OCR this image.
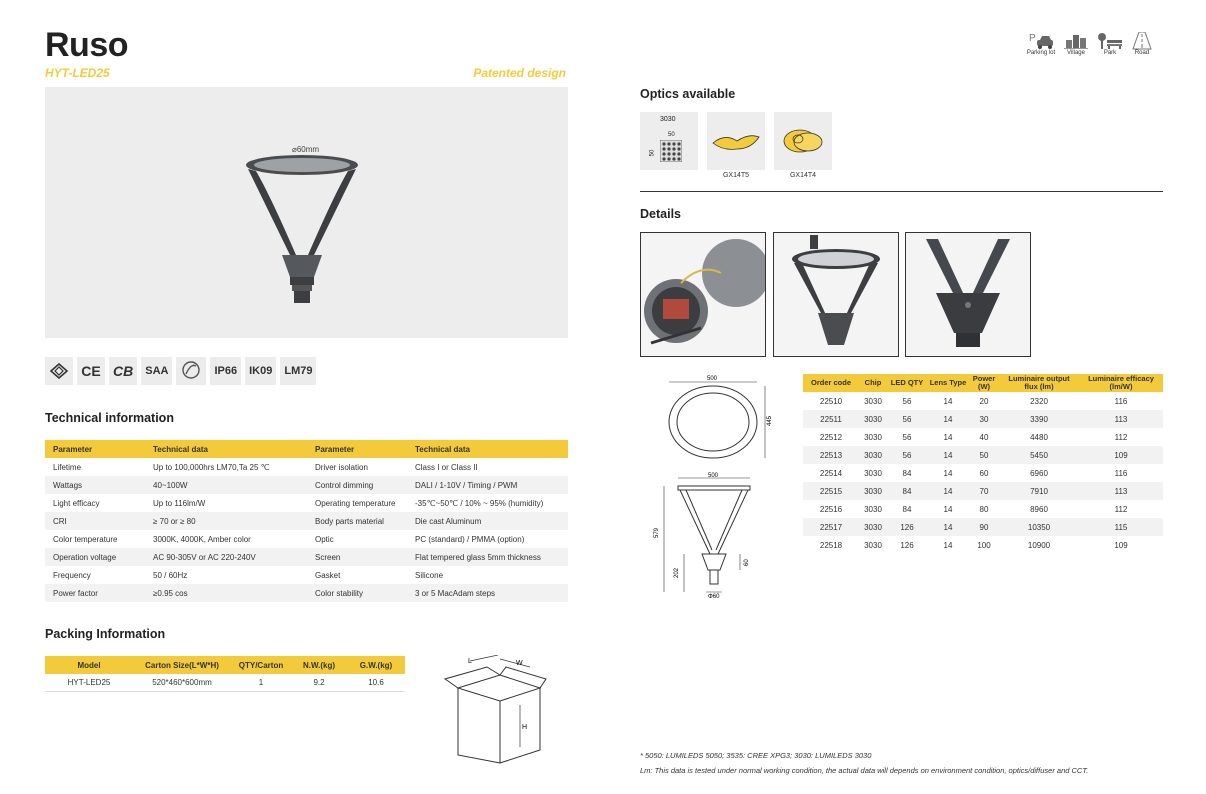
Ruso
HYT-LED25	Patented design
P
Parking lot Village	Park	Road
⌀60mm
CE CB	SAA	IP66	IK09	LM79
Technical information
Parameter	Technical data	Parameter	Technical data
Lifetime	Up to 100,000hrs LM70,Ta 25 ℃	Driver isolation	Class I or Class II
Wattags	40~100W	Control dimming	DALI / 1-10V / Timing / PWM
Light efficacy	Up to 116lm/W	Operating temperature	-35℃~50℃ / 10% ~ 95% (humidity)
CRI	≥ 70 or ≥ 80	Body parts material	Die cast Aluminum
Color temperature	3000K, 4000K, Amber color	Optic	PC (standard) / PMMA (option)
Operation voltage	AC 90-305V or AC 220-240V	Screen	Flat tempered glass 5mm thickness
Frequency	50 / 60Hz	Gasket	Silicone
Power factor	≥0.95 cos	Color stability	3 or 5 MacAdam steps
Packing Information
Model	Carton Size(L*W*H)	QTY/Carton	N.W.(kg)	G.W.(kg)
HYT-LED25	520*460*600mm	1	9.2	10.6
L	W
H
Optics available
3030
50
50
GX14T5	GX14T4
Details
500
445
500
579
202
60
Φ60
Order code	Chip	LED QTY	Lens Type	Power (W)	Luminaire output flux (lm)	Luminaire efficacy (lm/W)
22510	3030	56	14	20	2320	116
22511	3030	56	14	30	3390	113
22512	3030	56	14	40	4480	112
22513	3030	56	14	50	5450	109
22514	3030	84	14	60	6960	116
22515	3030	84	14	70	7910	113
22516	3030	84	14	80	8960	112
22517	3030	126	14	90	10350	115
22518	3030	126	14	100	10900	109
* 5050: LUMILEDS 5050; 3535: CREE XPG3; 3030: LUMILEDS 3030
Lm: This data is tested under normal working condition, the actual data will depends on environment condition, optics/diffuser and CCT.
